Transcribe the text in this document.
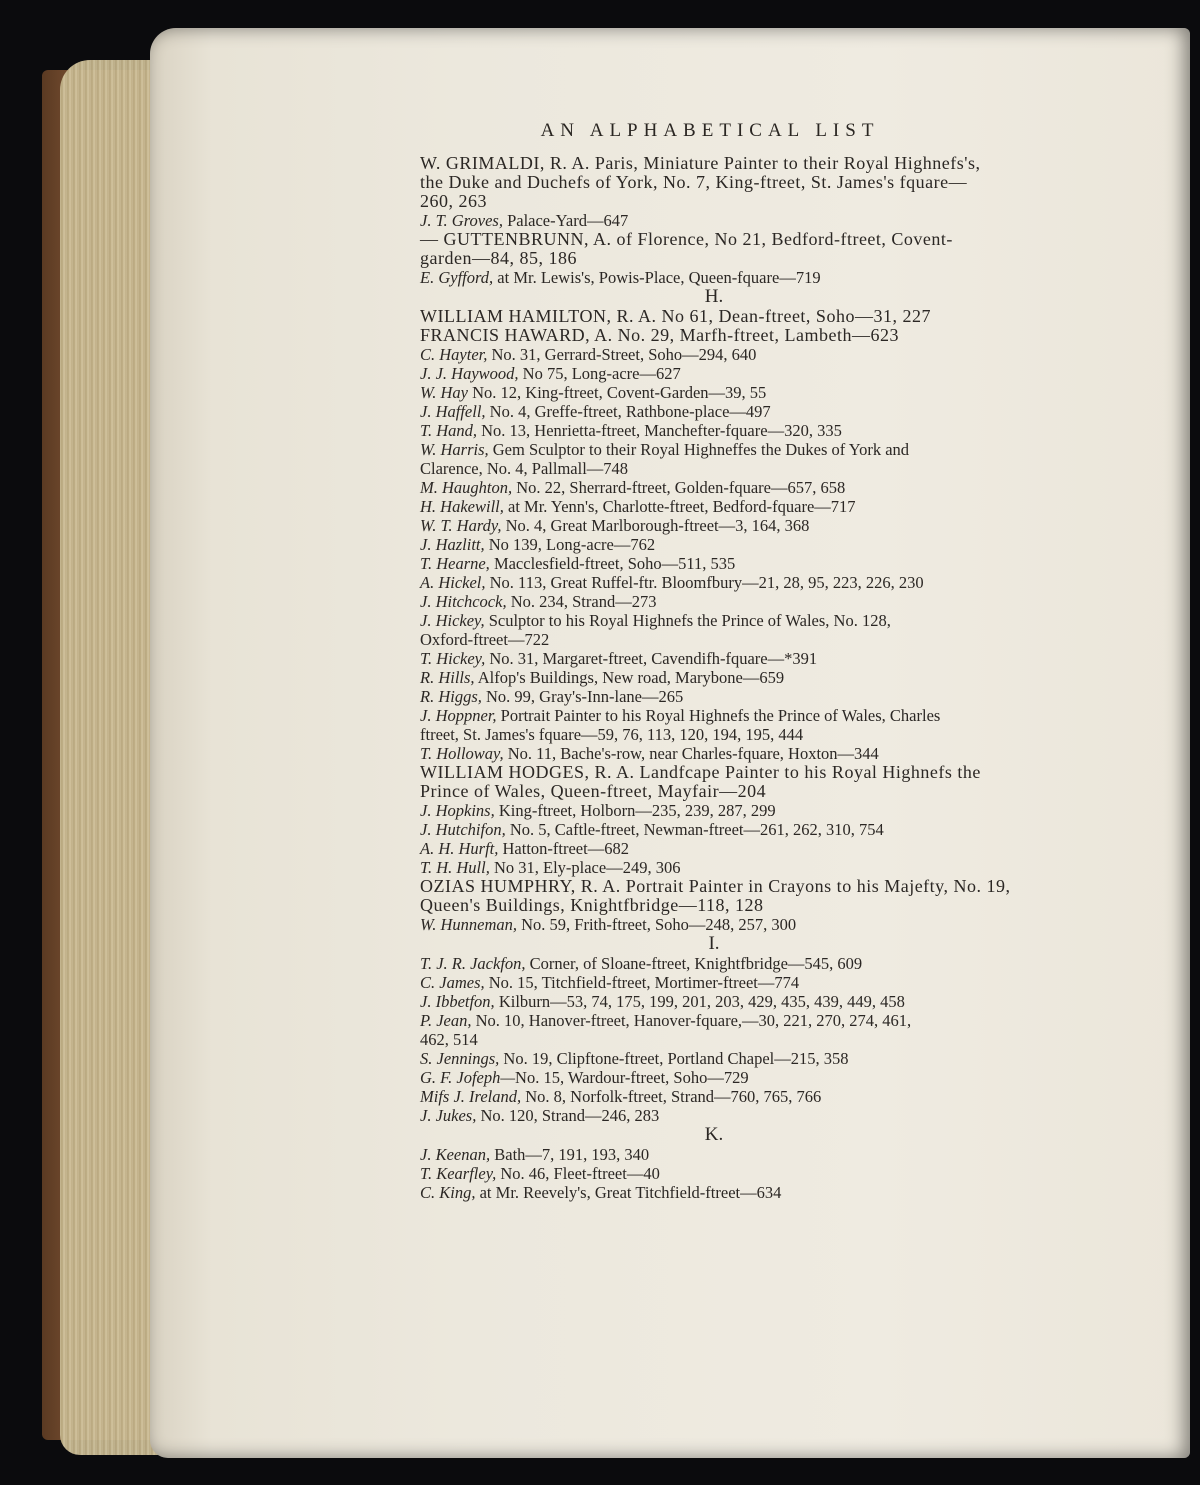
AN ALPHABETICAL LIST
W. GRIMALDI, R. A. Paris, Miniature Painter to their Royal Highnefs's,
the Duke and Duchefs of York, No. 7, King-ftreet, St. James's fquare—
260, 263
J. T. Groves, Palace-Yard—647
— GUTTENBRUNN, A. of Florence, No 21, Bedford-ftreet, Covent-
garden—84, 85, 186
E. Gyfford, at Mr. Lewis's, Powis-Place, Queen-fquare—719
H.
WILLIAM HAMILTON, R. A. No 61, Dean-ftreet, Soho—31, 227
FRANCIS HAWARD, A. No. 29, Marfh-ftreet, Lambeth—623
C. Hayter, No. 31, Gerrard-Street, Soho—294, 640
J. J. Haywood, No 75, Long-acre—627
W. Hay No. 12, King-ftreet, Covent-Garden—39, 55
J. Haffell, No. 4, Greffe-ftreet, Rathbone-place—497
T. Hand, No. 13, Henrietta-ftreet, Manchefter-fquare—320, 335
W. Harris, Gem Sculptor to their Royal Highneffes the Dukes of York and
Clarence, No. 4, Pallmall—748
M. Haughton, No. 22, Sherrard-ftreet, Golden-fquare—657, 658
H. Hakewill, at Mr. Yenn's, Charlotte-ftreet, Bedford-fquare—717
W. T. Hardy, No. 4, Great Marlborough-ftreet—3, 164, 368
J. Hazlitt, No 139, Long-acre—762
T. Hearne, Macclesfield-ftreet, Soho—511, 535
A. Hickel, No. 113, Great Ruffel-ftr. Bloomfbury—21, 28, 95, 223, 226, 230
J. Hitchcock, No. 234, Strand—273
J. Hickey, Sculptor to his Royal Highnefs the Prince of Wales, No. 128,
Oxford-ftreet—722
T. Hickey, No. 31, Margaret-ftreet, Cavendifh-fquare—*391
R. Hills, Alfop's Buildings, New road, Marybone—659
R. Higgs, No. 99, Gray's-Inn-lane—265
J. Hoppner, Portrait Painter to his Royal Highnefs the Prince of Wales, Charles
ftreet, St. James's fquare—59, 76, 113, 120, 194, 195, 444
T. Holloway, No. 11, Bache's-row, near Charles-fquare, Hoxton—344
WILLIAM HODGES, R. A. Landfcape Painter to his Royal Highnefs the
Prince of Wales, Queen-ftreet, Mayfair—204
J. Hopkins, King-ftreet, Holborn—235, 239, 287, 299
J. Hutchifon, No. 5, Caftle-ftreet, Newman-ftreet—261, 262, 310, 754
A. H. Hurft, Hatton-ftreet—682
T. H. Hull, No 31, Ely-place—249, 306
OZIAS HUMPHRY, R. A. Portrait Painter in Crayons to his Majefty, No. 19,
Queen's Buildings, Knightfbridge—118, 128
W. Hunneman, No. 59, Frith-ftreet, Soho—248, 257, 300
I.
T. J. R. Jackfon, Corner, of Sloane-ftreet, Knightfbridge—545, 609
C. James, No. 15, Titchfield-ftreet, Mortimer-ftreet—774
J. Ibbetfon, Kilburn—53, 74, 175, 199, 201, 203, 429, 435, 439, 449, 458
P. Jean, No. 10, Hanover-ftreet, Hanover-fquare,—30, 221, 270, 274, 461,
462, 514
S. Jennings, No. 19, Clipftone-ftreet, Portland Chapel—215, 358
G. F. Jofeph—No. 15, Wardour-ftreet, Soho—729
Mifs J. Ireland, No. 8, Norfolk-ftreet, Strand—760, 765, 766
J. Jukes, No. 120, Strand—246, 283
K.
J. Keenan, Bath—7, 191, 193, 340
T. Kearfley, No. 46, Fleet-ftreet—40
C. King, at Mr. Reevely's, Great Titchfield-ftreet—634
